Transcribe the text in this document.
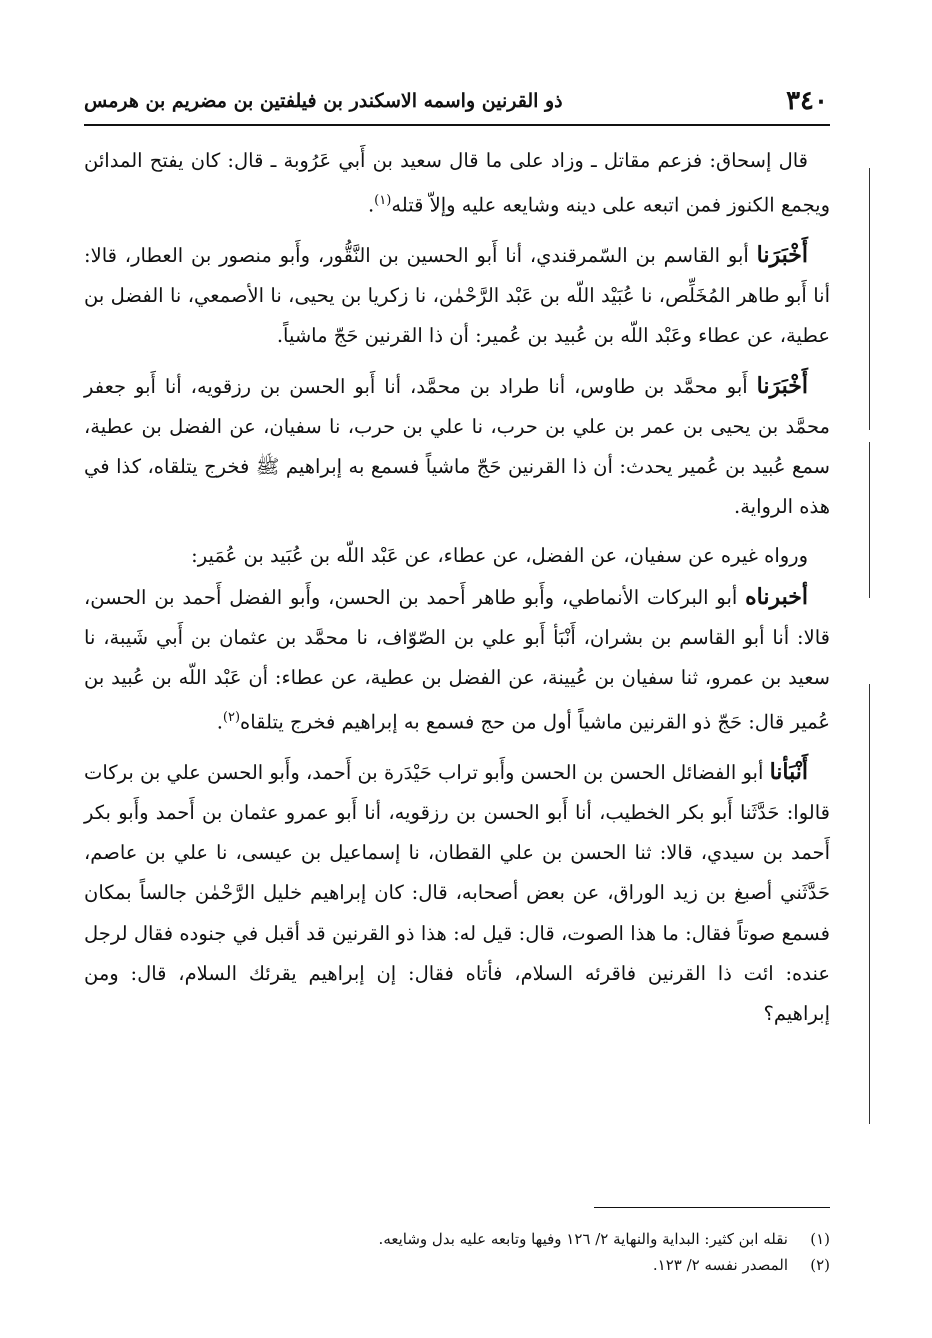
٣٤٠
ذو القرنين واسمه الاسكندر بن فيلفتين بن مضريم بن هرمس

قال إسحاق: فزعم مقاتل ـ وزاد على ما قال سعيد بن أَبي عَرُوبة ـ قال: كان يفتح المدائن ويجمع الكنوز فمن اتبعه على دينه وشايعه عليه وإلاّ قتله$^{(١)}$.

أَخْبَرَنا أبو القاسم بن السّمرقندي، أنا أَبو الحسين بن النَّقُّور، وأَبو منصور بن العطار، قالا: أنا أَبو طاهر المُخَلِّص، نا عُبَيْد اللّه بن عَبْد الرَّحْمٰن، نا زكريا بن يحيى، نا الأصمعي، نا الفضل بن عطية، عن عطاء وعَبْد اللّه بن عُبيد بن عُمير: أن ذا القرنين حَجّ ماشياً.

أَخْبَرَنا أَبو محمَّد بن طاوس، أنا طراد بن محمَّد، أنا أَبو الحسن بن رزقويه، أنا أَبو جعفر محمَّد بن يحيى بن عمر بن علي بن حرب، نا علي بن حرب، نا سفيان، عن الفضل بن عطية، سمع عُبيد بن عُمير يحدث: أن ذا القرنين حَجّ ماشياً فسمع به إبراهيم ﷺ فخرج يتلقاه، كذا في هذه الرواية.

ورواه غيره عن سفيان، عن الفضل، عن عطاء، عن عَبْد اللّه بن عُبَيد بن عُمَير:

أخبرناه أبو البركات الأنماطي، وأَبو طاهر أَحمد بن الحسن، وأَبو الفضل أَحمد بن الحسن، قالا: أنا أبو القاسم بن بشران، أَنْبَأ أَبو علي بن الصّوّاف، نا محمَّد بن عثمان بن أَبي شَيبة، نا سعيد بن عمرو، ثنا سفيان بن عُيينة، عن الفضل بن عطية، عن عطاء: أن عَبْد اللّه بن عُبيد بن عُمير قال: حَجّ ذو القرنين ماشياً أول من حج فسمع به إبراهيم فخرج يتلقاه$^{(٢)}$.

أَنْبَأنا أبو الفضائل الحسن بن الحسن وأَبو تراب حَيْدَرة بن أَحمد، وأَبو الحسن علي بن بركات قالوا: حَدَّثَنا أَبو بكر الخطيب، أنا أَبو الحسن بن رزقويه، أنا أَبو عمرو عثمان بن أَحمد وأَبو بكر أَحمد بن سيدي، قالا: ثنا الحسن بن علي القطان، نا إسماعيل بن عيسى، نا علي بن عاصم، حَدَّثَني أصبغ بن زيد الوراق، عن بعض أصحابه، قال: كان إبراهيم خليل الرَّحْمٰن جالساً بمكان فسمع صوتاً فقال: ما هذا الصوت، قال: قيل له: هذا ذو القرنين قد أقبل في جنوده فقال لرجل عنده: ائت ذا القرنين فاقرئه السلام، فأتاه فقال: إن إبراهيم يقرئك السلام، قال: ومن إبراهيم؟

(١)
نقله ابن كثير: البداية والنهاية ٢/ ١٢٦ وفيها وتابعه عليه بدل وشايعه.
(٢)
المصدر نفسه ٢/ ١٢٣.
